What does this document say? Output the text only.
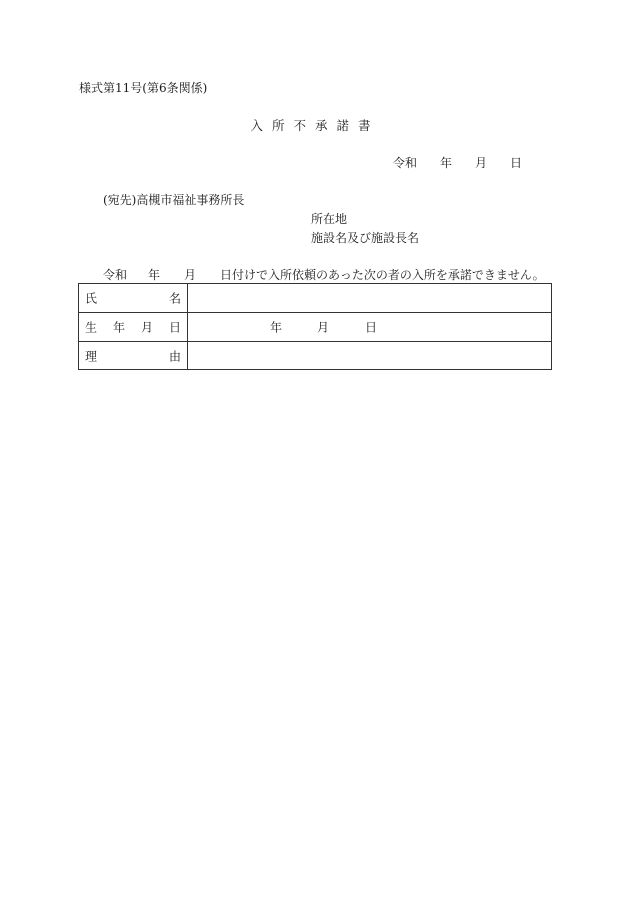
様式第11号(第6条関係)
入所不承諾書
令和 年 月 日
(宛先)高槻市福祉事務所長
所在地
施設名及び施設長名
令和 年 月 日付けで入所依頼のあった次の者の入所を承諾できません。
氏 名	

生 年 月 日	年 月 日

理 由	
